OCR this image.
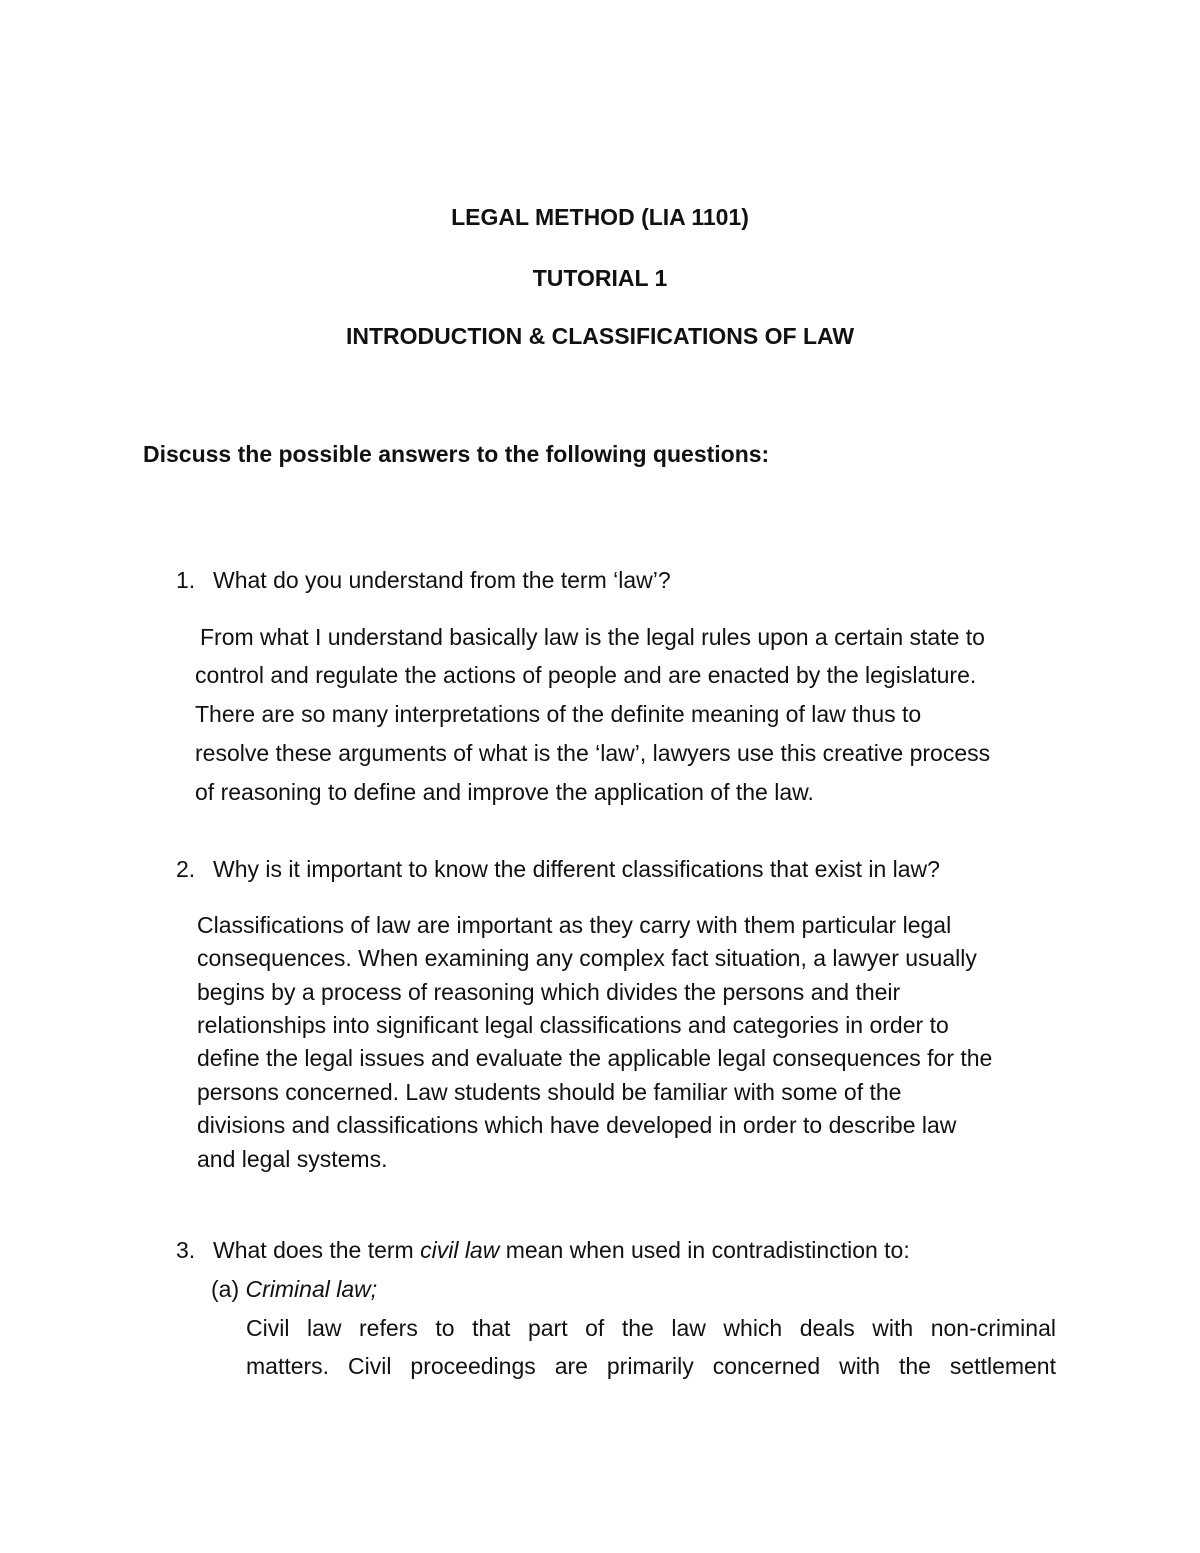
LEGAL METHOD (LIA 1101)
TUTORIAL 1
INTRODUCTION & CLASSIFICATIONS OF LAW
Discuss the possible answers to the following questions:
1. What do you understand from the term ‘law’?
From what I understand basically law is the legal rules upon a certain state to
control and regulate the actions of people and are enacted by the legislature.
There are so many interpretations of the definite meaning of law thus to
resolve these arguments of what is the ‘law’, lawyers use this creative process
of reasoning to define and improve the application of the law.
2. Why is it important to know the different classifications that exist in law?
Classifications of law are important as they carry with them particular legal
consequences. When examining any complex fact situation, a lawyer usually
begins by a process of reasoning which divides the persons and their
relationships into significant legal classifications and categories in order to
define the legal issues and evaluate the applicable legal consequences for the
persons concerned. Law students should be familiar with some of the
divisions and classifications which have developed in order to describe law
and legal systems.
3. What does the term civil law mean when used in contradistinction to:
(a) Criminal law;
Civil law refers to that part of the law which deals with non-criminal
matters. Civil proceedings are primarily concerned with the settlement
